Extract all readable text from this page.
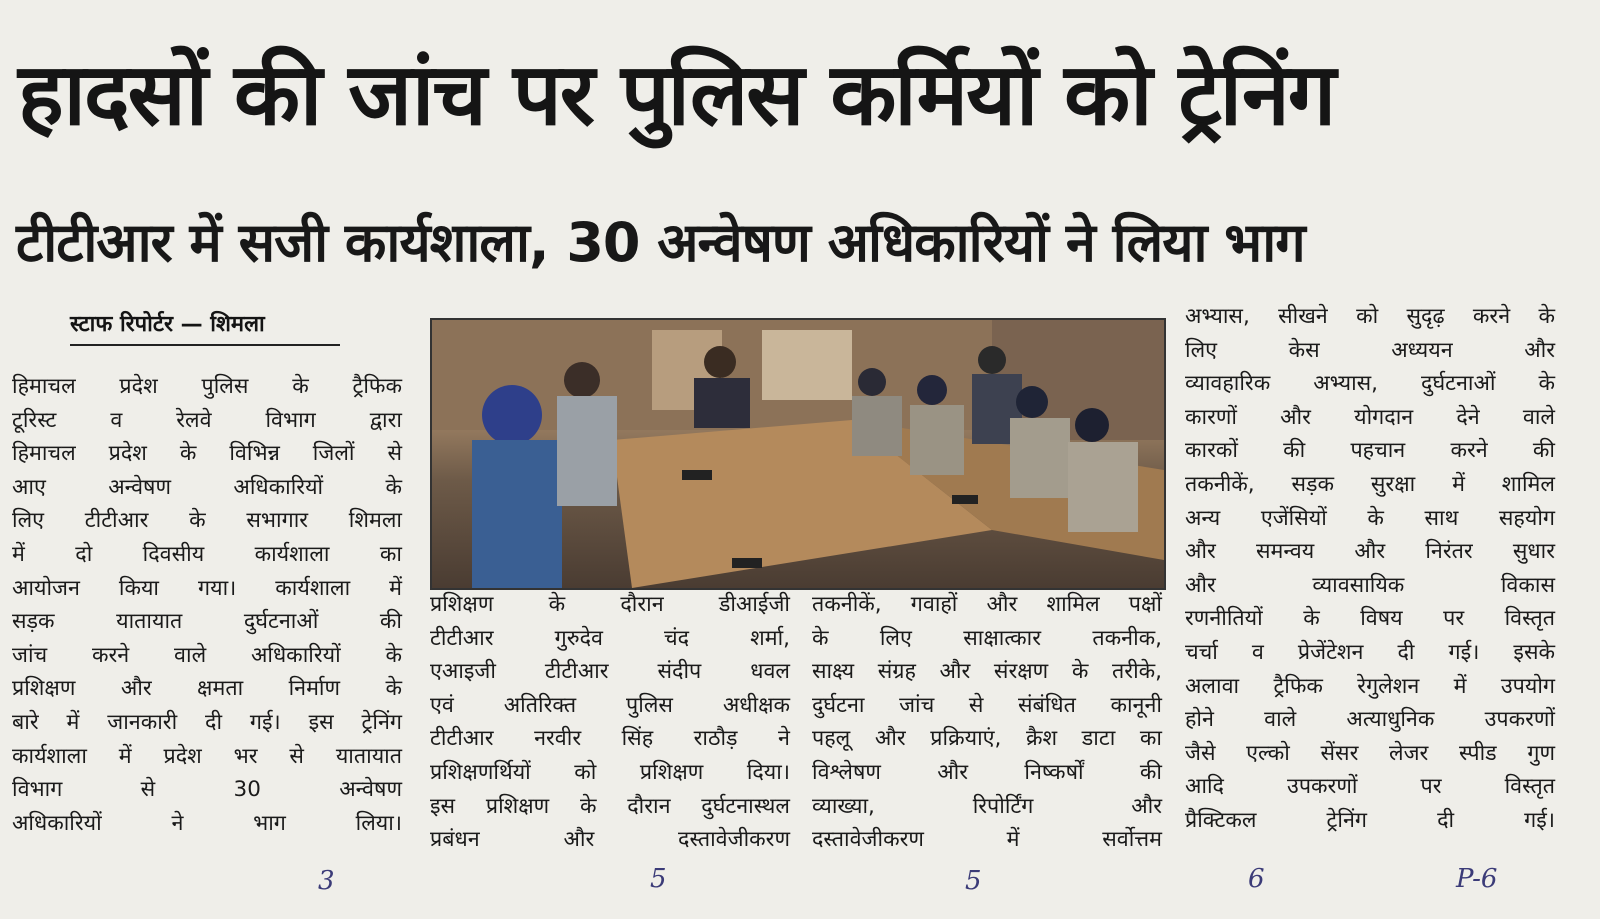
हादसों की जांच पर पुलिस कर्मियों को ट्रेनिंग
टीटीआर में सजी कार्यशाला, 30 अन्वेषण अधिकारियों ने लिया भाग
स्टाफ रिपोर्टर — शिमला

हिमाचल प्रदेश पुलिस के ट्रैफिक

टूरिस्ट व रेलवे विभाग द्वारा

हिमाचल प्रदेश के विभिन्न जिलों से

आए अन्वेषण अधिकारियों के

लिए टीटीआर के सभागार शिमला

में दो दिवसीय कार्यशाला का

आयोजन किया गया। कार्यशाला में

सड़क यातायात दुर्घटनाओं की

जांच करने वाले अधिकारियों के

प्रशिक्षण और क्षमता निर्माण के

बारे में जानकारी दी गई। इस ट्रेनिंग

कार्यशाला में प्रदेश भर से यातायात

विभाग से 30 अन्वेषण

अधिकारियों ने भाग लिया।

प्रशिक्षण के दौरान डीआईजी

टीटीआर गुरुदेव चंद शर्मा,

एआइजी टीटीआर संदीप धवल

एवं अतिरिक्त पुलिस अधीक्षक

टीटीआर नरवीर सिंह राठौड़ ने

प्रशिक्षणर्थियों को प्रशिक्षण दिया।

इस प्रशिक्षण के दौरान दुर्घटनास्थल

प्रबंधन और दस्तावेजीकरण

तकनीकें, गवाहों और शामिल पक्षों

के लिए साक्षात्कार तकनीक,

साक्ष्य संग्रह और संरक्षण के तरीके,

दुर्घटना जांच से संबंधित कानूनी

पहलू और प्रक्रियाएं, क्रैश डाटा का

विश्लेषण और निष्कर्षों की

व्याख्या, रिपोर्टिंग और

दस्तावेजीकरण में सर्वोत्तम

अभ्यास, सीखने को सुदृढ़ करने के

लिए केस अध्ययन और

व्यावहारिक अभ्यास, दुर्घटनाओं के

कारणों और योगदान देने वाले

कारकों की पहचान करने की

तकनीकें, सड़क सुरक्षा में शामिल

अन्य एजेंसियों के साथ सहयोग

और समन्वय और निरंतर सुधार

और व्यावसायिक विकास

रणनीतियों के विषय पर विस्तृत

चर्चा व प्रेजेंटेशन दी गई। इसके

अलावा ट्रैफिक रेगुलेशन में उपयोग

होने वाले अत्याधुनिक उपकरणों

जैसे एल्को सेंसर लेजर स्पीड गुण

आदि उपकरणों पर विस्तृत

प्रैक्टिकल ट्रेनिंग दी गई।

3	5	5	6	P-6
